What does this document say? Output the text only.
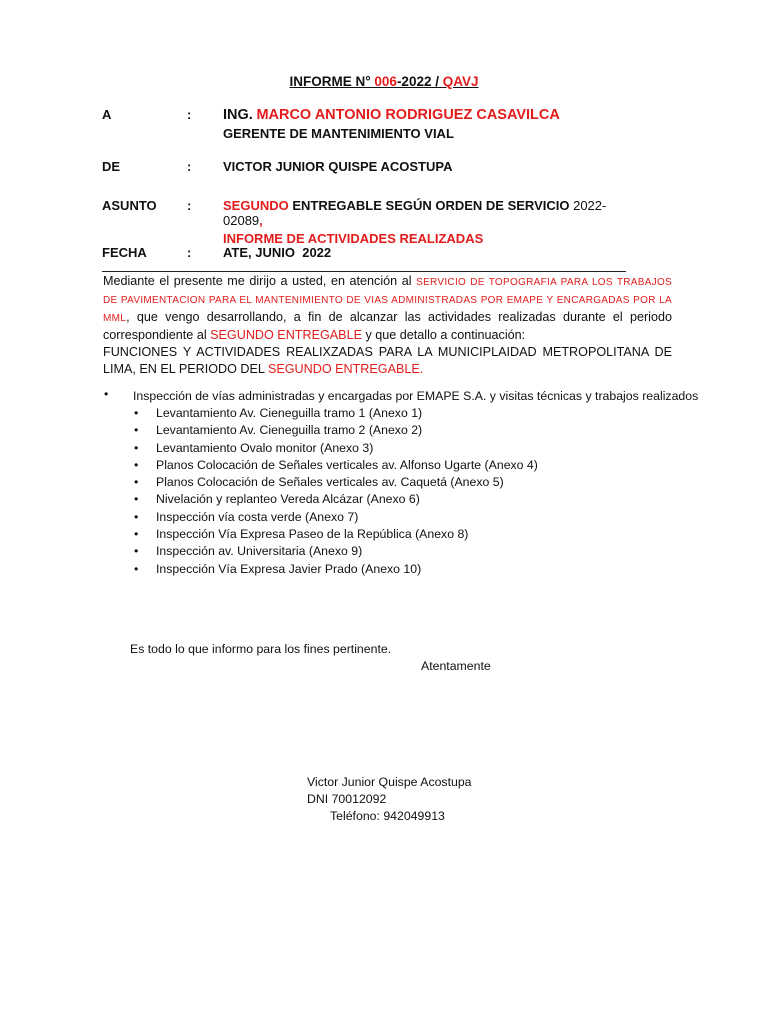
INFORME N° 006-2022 / QAVJ
A	: ING. MARCO ANTONIO RODRIGUEZ CASAVILCA
GERENTE DE MANTENIMIENTO VIAL
DE	: VICTOR JUNIOR QUISPE ACOSTUPA
ASUNTO	: SEGUNDO ENTREGABLE SEGÚN ORDEN DE SERVICIO 2022-02089,
INFORME DE ACTIVIDADES REALIZADAS
FECHA	: ATE, JUNIO  2022
Mediante el presente me dirijo a usted, en atención al SERVICIO DE TOPOGRAFIA PARA LOS TRABAJOS DE PAVIMENTACION PARA EL MANTENIMIENTO DE VIAS ADMINISTRADAS POR EMAPE Y ENCARGADAS POR LA MML, que vengo desarrollando, a fin de alcanzar las actividades realizadas durante el periodo correspondiente al SEGUNDO ENTREGABLE y que detallo a continuación:
FUNCIONES Y ACTIVIDADES REALIXZADAS PARA LA MUNICIPLAIDAD METROPOLITANA DE LIMA, EN EL PERIODO DEL SEGUNDO ENTREGABLE.
• Inspección de vías administradas y encargadas por EMAPE S.A. y visitas técnicas y trabajos realizados
• Levantamiento Av. Cieneguilla tramo 1 (Anexo 1)
• Levantamiento Av. Cieneguilla tramo 2 (Anexo 2)
• Levantamiento Ovalo monitor (Anexo 3)
• Planos Colocación de Señales verticales av. Alfonso Ugarte (Anexo 4)
• Planos Colocación de Señales verticales av. Caquetá (Anexo 5)
• Nivelación y replanteo Vereda Alcázar (Anexo 6)
• Inspección vía costa verde (Anexo 7)
• Inspección Vía Expresa Paseo de la República (Anexo 8)
• Inspección av. Universitaria (Anexo 9)
• Inspección Vía Expresa Javier Prado (Anexo 10)
Es todo lo que informo para los fines pertinente.
Atentamente
Victor Junior Quispe Acostupa
DNI 70012092
Teléfono: 942049913
